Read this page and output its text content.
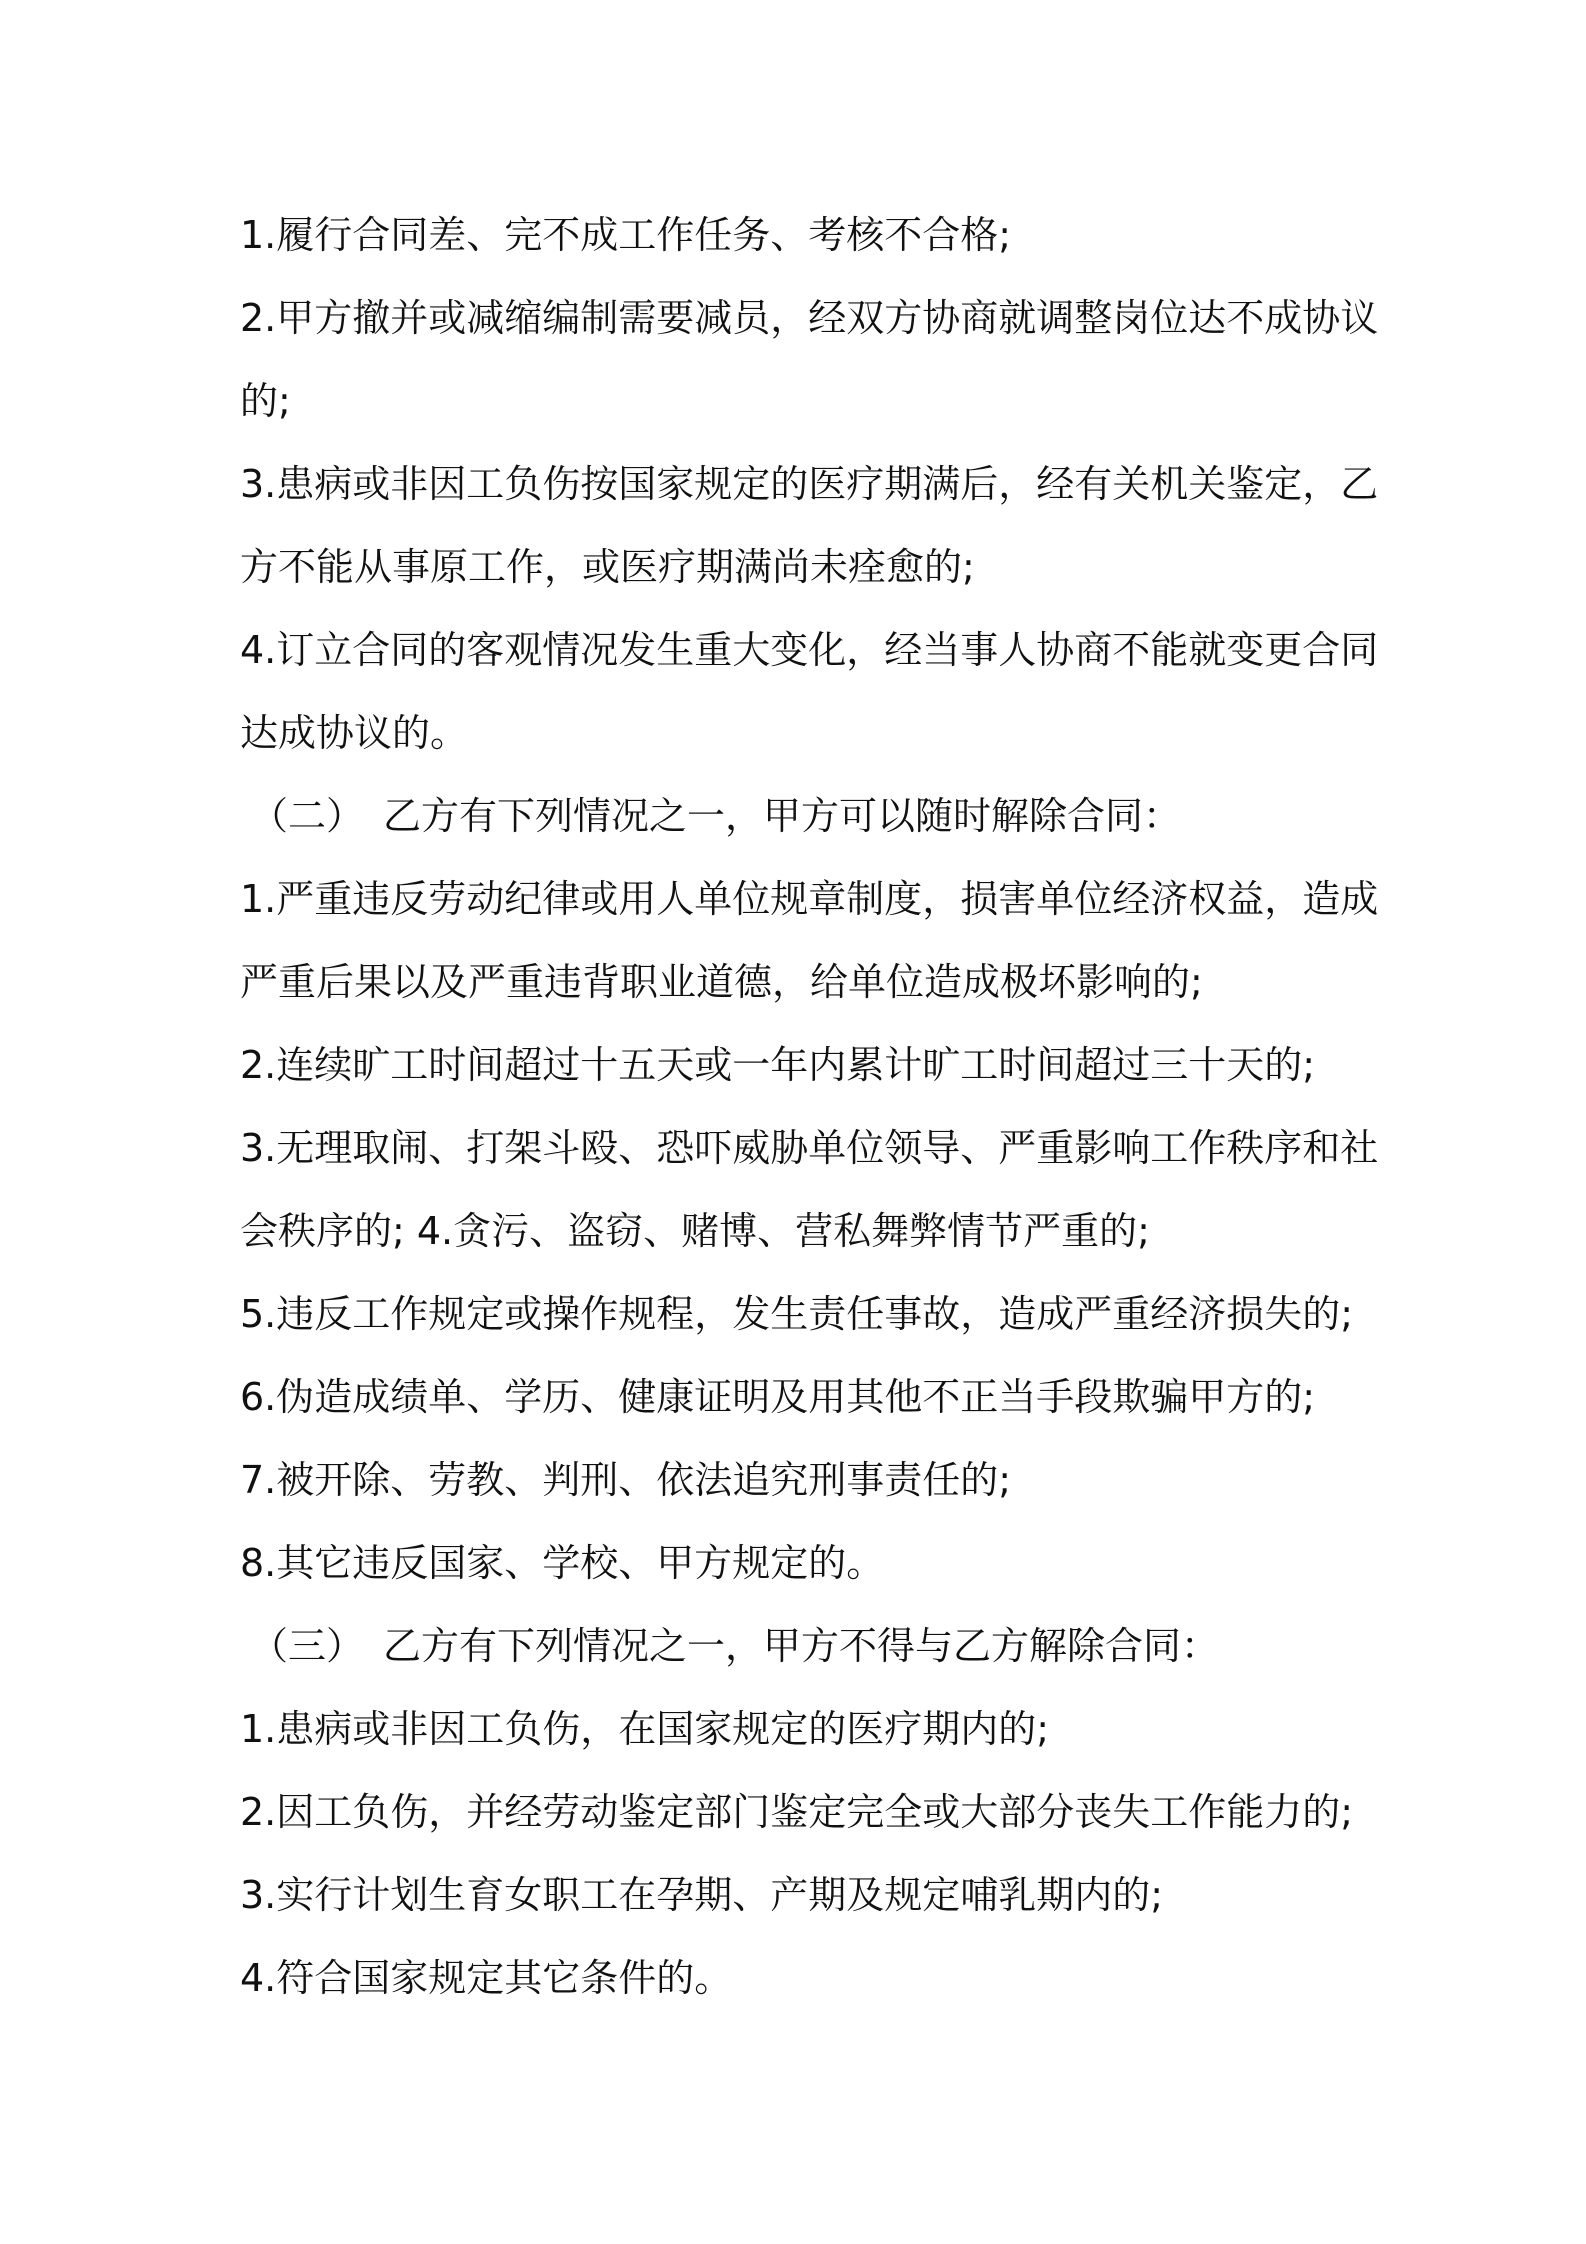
1.履行合同差、完不成工作任务、考核不合格;
2.甲方撤并或减缩编制需要减员，经双方协商就调整岗位达不成协议
的;
3.患病或非因工负伤按国家规定的医疗期满后，经有关机关鉴定，乙
方不能从事原工作，或医疗期满尚未痊愈的;
4.订立合同的客观情况发生重大变化，经当事人协商不能就变更合同
达成协议的。
（二）　乙方有下列情况之一，甲方可以随时解除合同：
1.严重违反劳动纪律或用人单位规章制度，损害单位经济权益，造成
严重后果以及严重违背职业道德，给单位造成极坏影响的;
2.连续旷工时间超过十五天或一年内累计旷工时间超过三十天的;
3.无理取闹、打架斗殴、恐吓威胁单位领导、严重影响工作秩序和社
会秩序的; 4.贪污、盗窃、赌博、营私舞弊情节严重的;
5.违反工作规定或操作规程，发生责任事故，造成严重经济损失的;
6.伪造成绩单、学历、健康证明及用其他不正当手段欺骗甲方的;
7.被开除、劳教、判刑、依法追究刑事责任的;
8.其它违反国家、学校、甲方规定的。
（三）　乙方有下列情况之一，甲方不得与乙方解除合同：
1.患病或非因工负伤，在国家规定的医疗期内的;
2.因工负伤，并经劳动鉴定部门鉴定完全或大部分丧失工作能力的;
3.实行计划生育女职工在孕期、产期及规定哺乳期内的;
4.符合国家规定其它条件的。
